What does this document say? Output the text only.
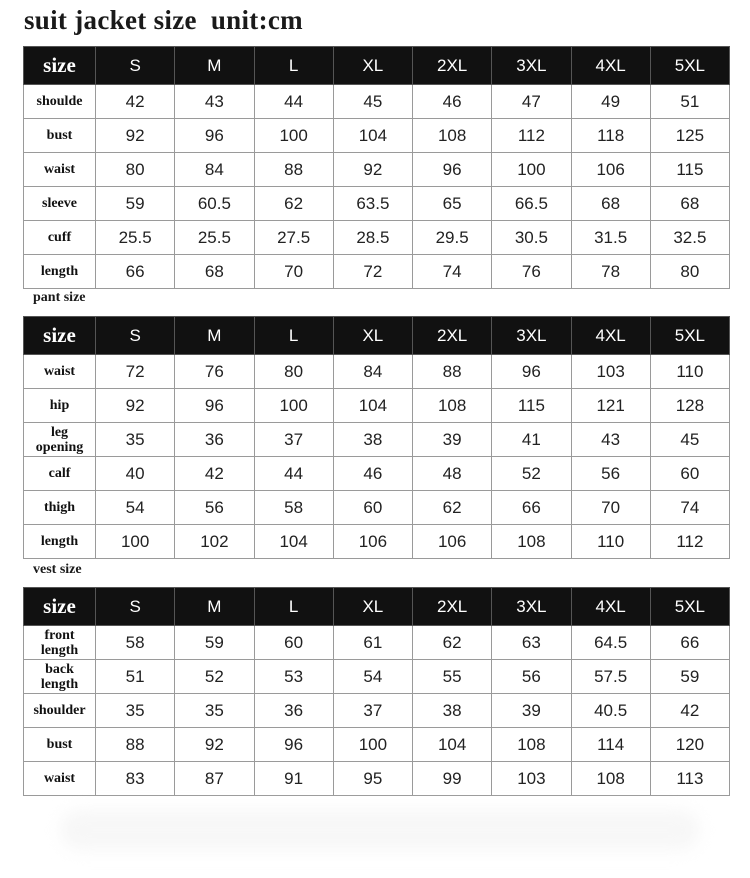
suit jacket size  unit:cm
size	S	M	L	XL	2XL	3XL	4XL	5XL
shoulde	42	43	44	45	46	47	49	51
bust	92	96	100	104	108	112	118	125
waist	80	84	88	92	96	100	106	115
sleeve	59	60.5	62	63.5	65	66.5	68	68
cuff	25.5	25.5	27.5	28.5	29.5	30.5	31.5	32.5
length	66	68	70	72	74	76	78	80

pant size

size	S	M	L	XL	2XL	3XL	4XL	5XL
waist	72	76	80	84	88	96	103	110
hip	92	96	100	104	108	115	121	128
leg
opening	35	36	37	38	39	41	43	45
calf	40	42	44	46	48	52	56	60
thigh	54	56	58	60	62	66	70	74
length	100	102	104	106	106	108	110	112

vest size

size	S	M	L	XL	2XL	3XL	4XL	5XL
front
length	58	59	60	61	62	63	64.5	66
back
length	51	52	53	54	55	56	57.5	59
shoulder	35	35	36	37	38	39	40.5	42
bust	88	92	96	100	104	108	114	120
waist	83	87	91	95	99	103	108	113
